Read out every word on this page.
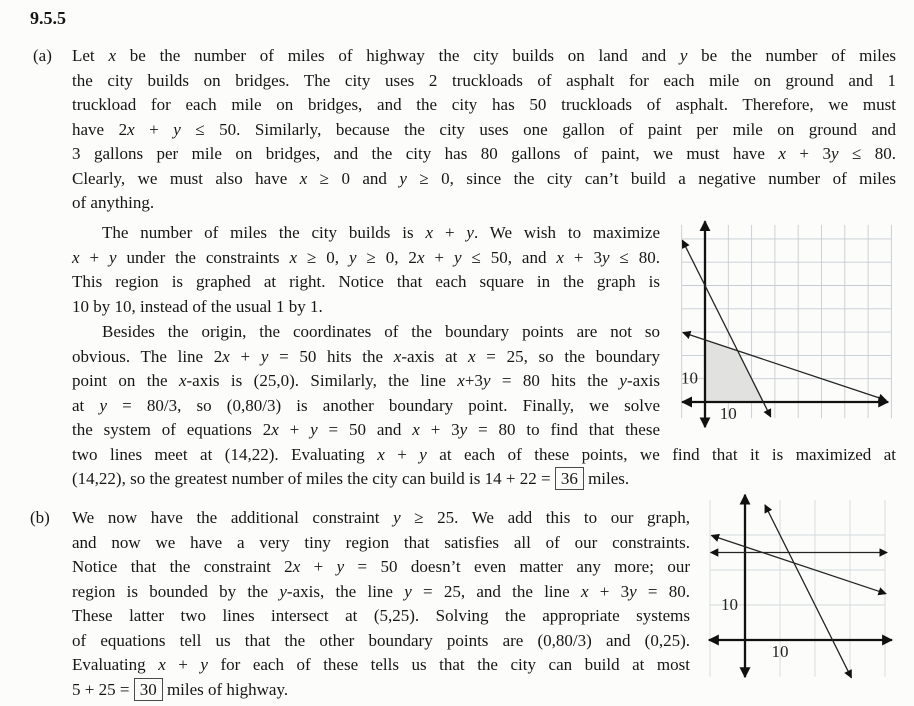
9.5.5
(a) Let x be the number of miles of highway the city builds on land and y be the number of miles
the city builds on bridges. The city uses 2 truckloads of asphalt for each mile on ground and 1
truckload for each mile on bridges, and the city has 50 truckloads of asphalt. Therefore, we must
have 2x + y ≤ 50. Similarly, because the city uses one gallon of paint per mile on ground and
3 gallons per mile on bridges, and the city has 80 gallons of paint, we must have x + 3y ≤ 80.
Clearly, we must also have x ≥ 0 and y ≥ 0, since the city can’t build a negative number of miles
of anything.
The number of miles the city builds is x + y. We wish to maximize
x + y under the constraints x ≥ 0, y ≥ 0, 2x + y ≤ 50, and x + 3y ≤ 80.
This region is graphed at right. Notice that each square in the graph is
10 by 10, instead of the usual 1 by 1.
Besides the origin, the coordinates of the boundary points are not so
obvious. The line 2x + y = 50 hits the x-axis at x = 25, so the boundary
point on the x-axis is (25,0). Similarly, the line x+3y = 80 hits the y-axis
at y = 80/3, so (0,80/3) is another boundary point. Finally, we solve
the system of equations 2x + y = 50 and x + 3y = 80 to find that these
two lines meet at (14,22). Evaluating x + y at each of these points, we find that it is maximized at
(14,22), so the greatest number of miles the city can build is 14 + 22 = 36 miles.
(b) We now have the additional constraint y ≥ 25. We add this to our graph,
and now we have a very tiny region that satisfies all of our constraints.
Notice that the constraint 2x + y = 50 doesn’t even matter any more; our
region is bounded by the y-axis, the line y = 25, and the line x + 3y = 80.
These latter two lines intersect at (5,25). Solving the appropriate systems
of equations tell us that the other boundary points are (0,80/3) and (0,25).
Evaluating x + y for each of these tells us that the city can build at most
5 + 25 = 30 miles of highway.
10
10
10
10
